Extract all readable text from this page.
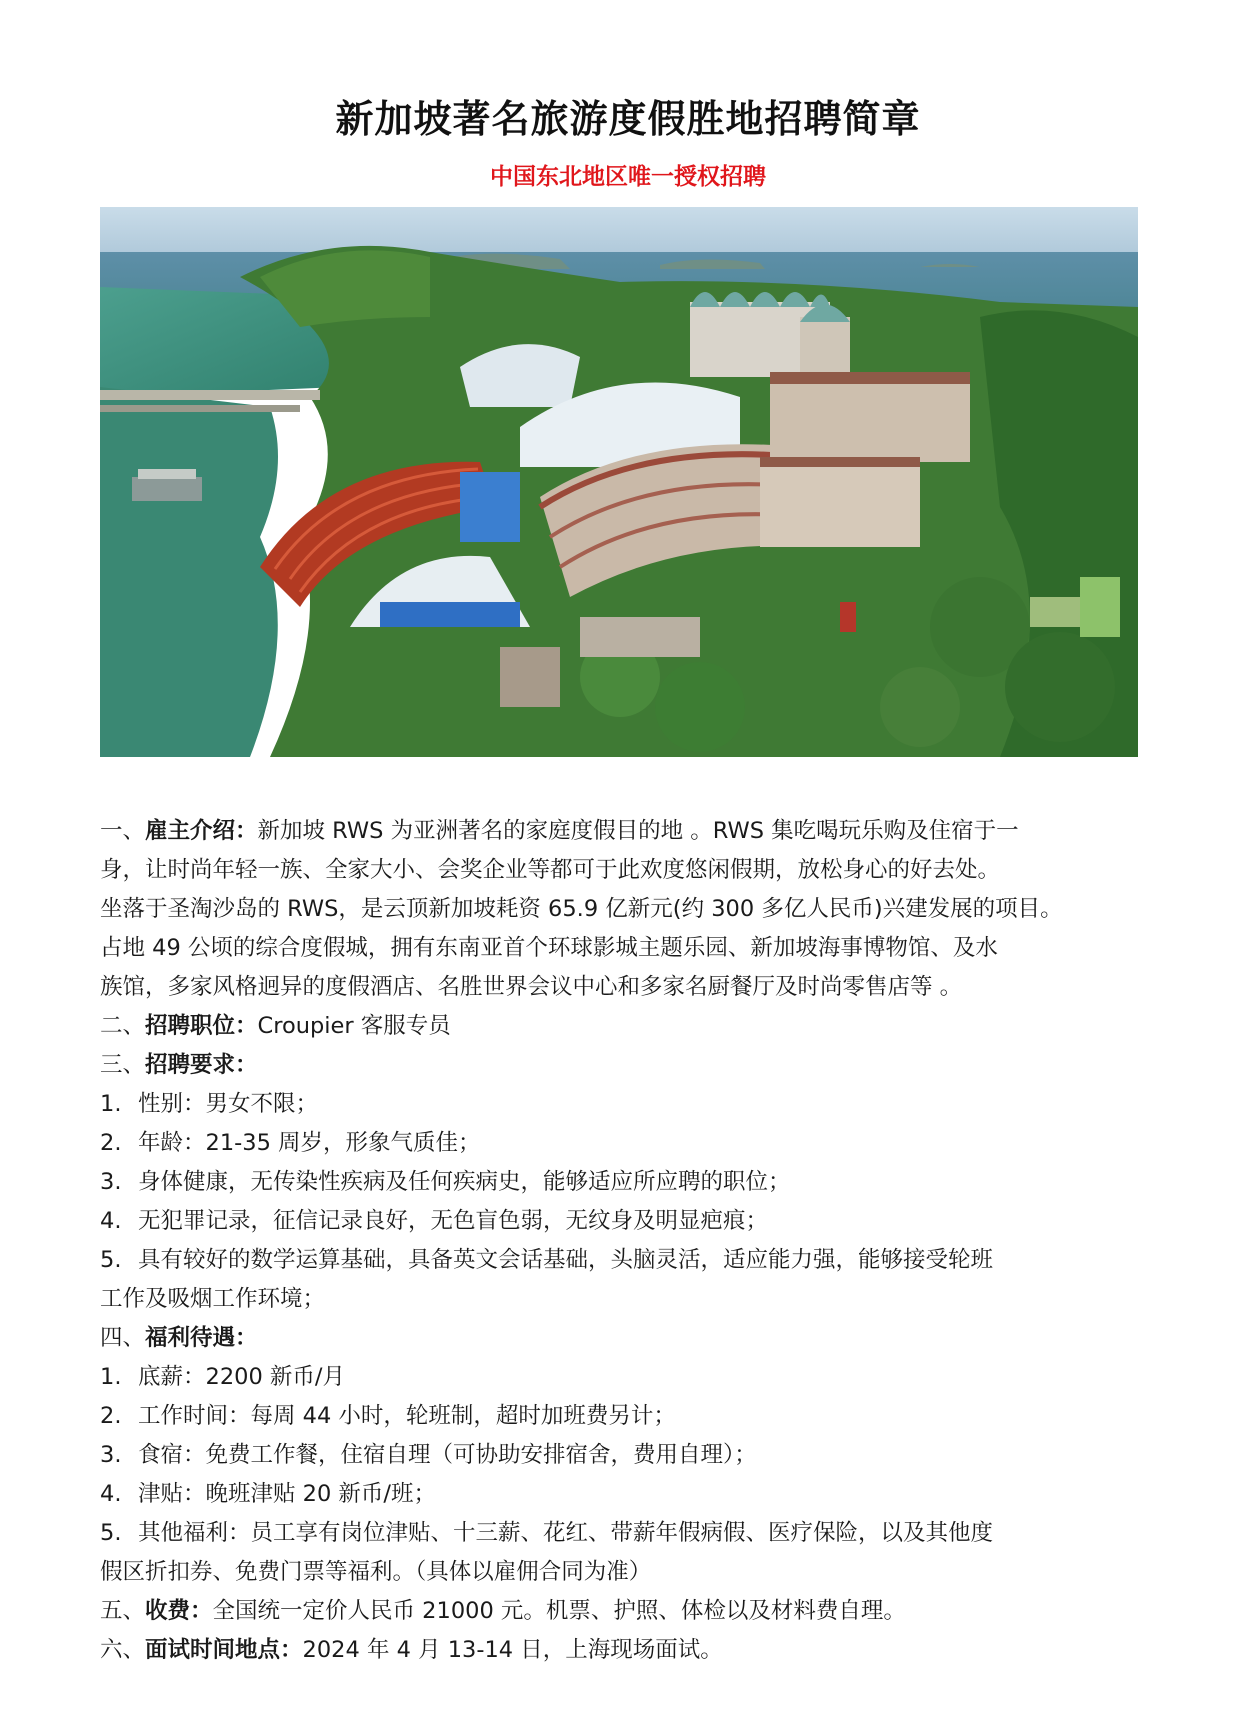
新加坡著名旅游度假胜地招聘简章
中国东北地区唯一授权招聘
一、雇主介绍：新加坡 RWS 为亚洲著名的家庭度假目的地 。RWS 集吃喝玩乐购及住宿于一
身，让时尚年轻一族、全家大小、会奖企业等都可于此欢度悠闲假期，放松身心的好去处。
坐落于圣淘沙岛的 RWS，是云顶新加坡耗资 65.9 亿新元(约 300 多亿人民币)兴建发展的项目。
占地 49 公顷的综合度假城，拥有东南亚首个环球影城主题乐园、新加坡海事博物馆、及水
族馆，多家风格迥异的度假酒店、名胜世界会议中心和多家名厨餐厅及时尚零售店等 。
二、招聘职位：Croupier 客服专员
三、招聘要求：
1. 性别：男女不限；
2. 年龄：21-35 周岁，形象气质佳；
3. 身体健康，无传染性疾病及任何疾病史，能够适应所应聘的职位；
4. 无犯罪记录，征信记录良好，无色盲色弱，无纹身及明显疤痕；
5. 具有较好的数学运算基础，具备英文会话基础，头脑灵活，适应能力强，能够接受轮班
工作及吸烟工作环境；
四、福利待遇：
1. 底薪：2200 新币/月
2. 工作时间：每周 44 小时，轮班制，超时加班费另计；
3. 食宿：免费工作餐，住宿自理（可协助安排宿舍，费用自理）；
4. 津贴：晚班津贴 20 新币/班；
5. 其他福利：员工享有岗位津贴、十三薪、花红、带薪年假病假、医疗保险，以及其他度
假区折扣券、免费门票等福利。（具体以雇佣合同为准）
五、收费：全国统一定价人民币 21000 元。机票、护照、体检以及材料费自理。
六、面试时间地点：2024 年 4 月 13-14 日，上海现场面试。
